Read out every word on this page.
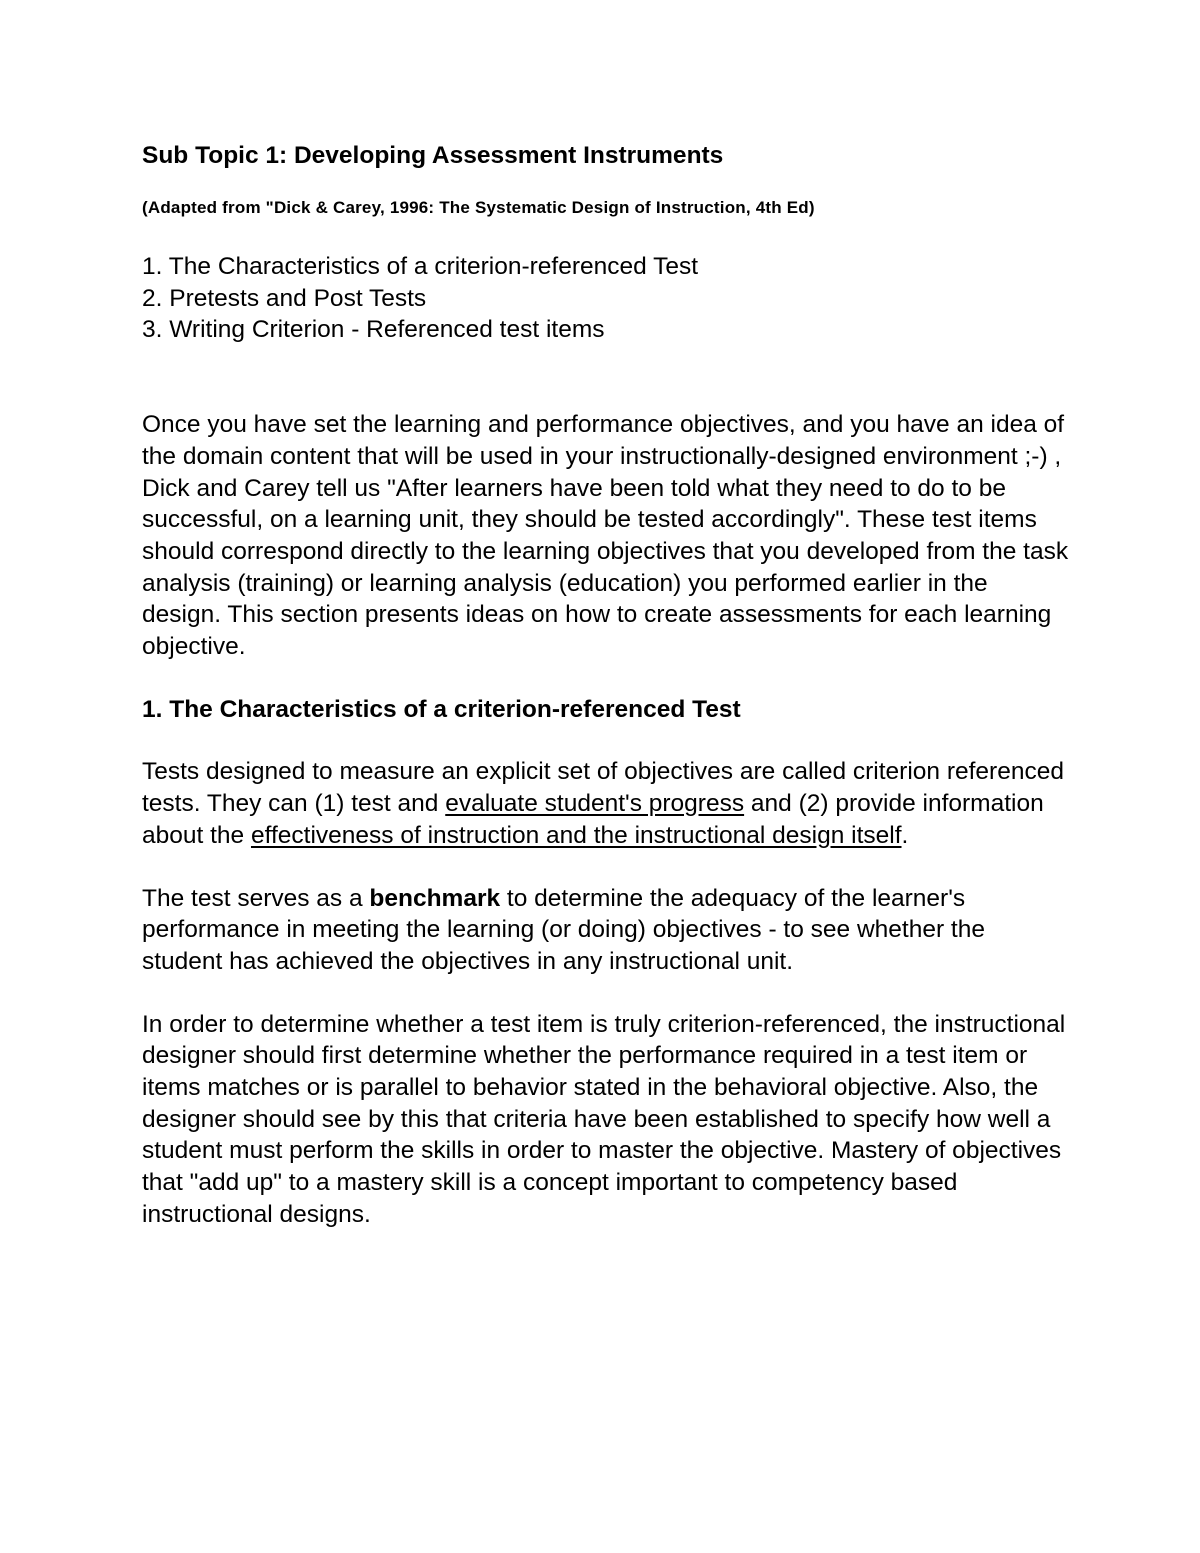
Sub Topic 1: Developing Assessment Instruments

(Adapted from "Dick & Carey, 1996: The Systematic Design of Instruction, 4th Ed)

1. The Characteristics of a criterion-referenced Test
2. Pretests and Post Tests
3. Writing Criterion - Referenced test items

Once you have set the learning and performance objectives, and you have an idea of the domain content that will be used in your instructionally-designed environment ;-) , Dick and Carey tell us "After learners have been told what they need to do to be successful, on a learning unit, they should be tested accordingly". These test items should correspond directly to the learning objectives that you developed from the task analysis (training) or learning analysis (education) you performed earlier in the design. This section presents ideas on how to create assessments for each learning objective.

1. The Characteristics of a criterion-referenced Test

Tests designed to measure an explicit set of objectives are called criterion referenced tests. They can (1) test and evaluate student's progress and (2) provide information about the effectiveness of instruction and the instructional design itself.

The test serves as a benchmark to determine the adequacy of the learner's performance in meeting the learning (or doing) objectives - to see whether the student has achieved the objectives in any instructional unit.

In order to determine whether a test item is truly criterion-referenced, the instructional designer should first determine whether the performance required in a test item or items matches or is parallel to behavior stated in the behavioral objective. Also, the designer should see by this that criteria have been established to specify how well a student must perform the skills in order to master the objective. Mastery of objectives that "add up" to a mastery skill is a concept important to competency based instructional designs.
